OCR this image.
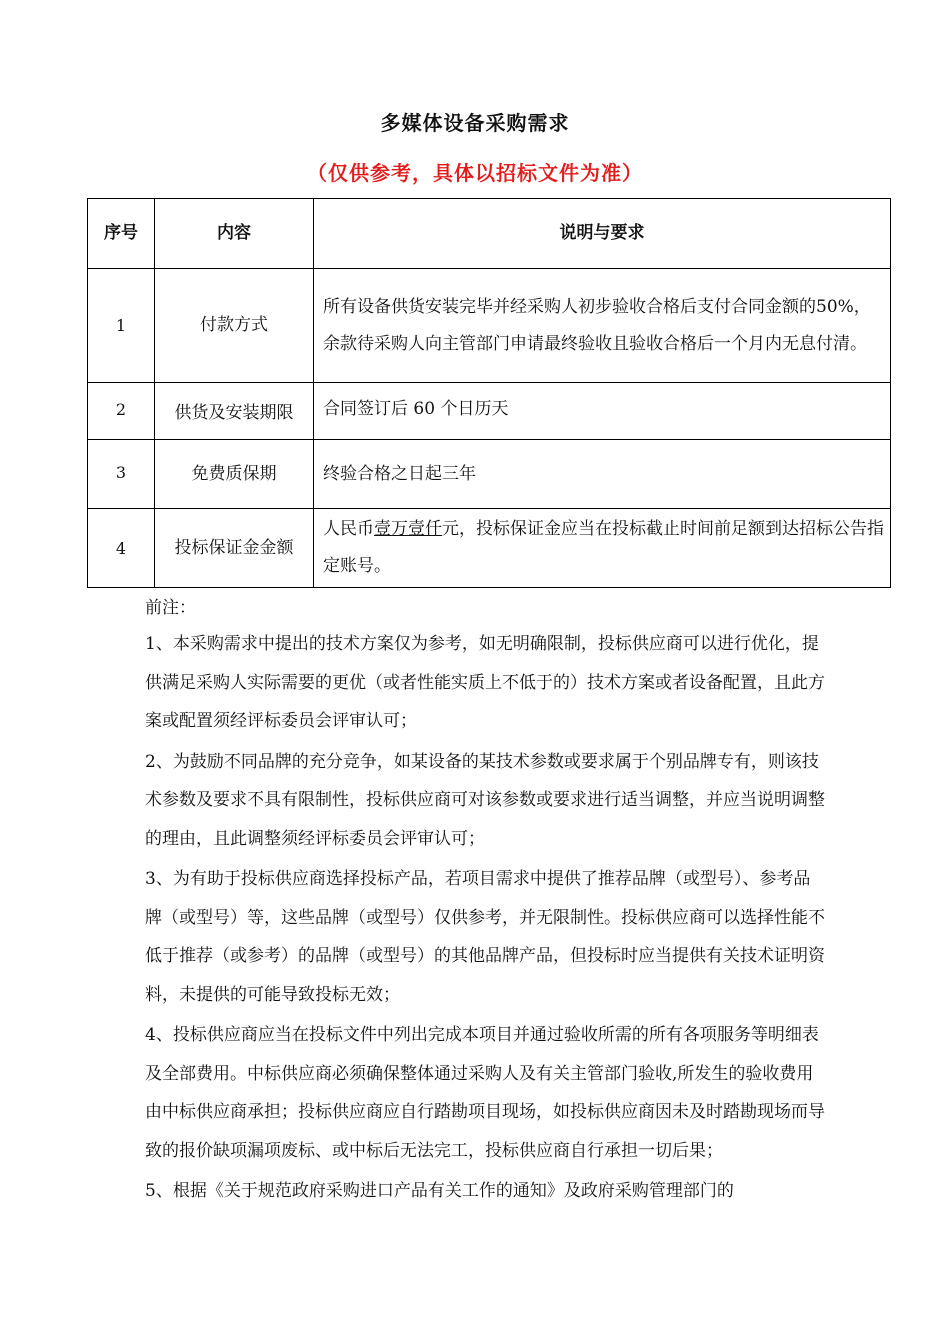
多媒体设备采购需求
（仅供参考，具体以招标文件为准）
序号	内容	说明与要求
1	付款方式	所有设备供货安装完毕并经采购人初步验收合格后支付合同金额的50%，余款待采购人向主管部门申请最终验收且验收合格后一个月内无息付清。
2	供货及安装期限	合同签订后 60 个日历天
3	免费质保期	终验合格之日起三年
4	投标保证金金额	人民币壹万壹仟元，投标保证金应当在投标截止时间前足额到达招标公告指定账号。

前注：

1、本采购需求中提出的技术方案仅为参考，如无明确限制，投标供应商可以进行优化，提供满足采购人实际需要的更优（或者性能实质上不低于的）技术方案或者设备配置，且此方案或配置须经评标委员会评审认可；

2、为鼓励不同品牌的充分竞争，如某设备的某技术参数或要求属于个别品牌专有，则该技术参数及要求不具有限制性，投标供应商可对该参数或要求进行适当调整，并应当说明调整的理由，且此调整须经评标委员会评审认可；

3、为有助于投标供应商选择投标产品，若项目需求中提供了推荐品牌（或型号）、参考品牌（或型号）等，这些品牌（或型号）仅供参考，并无限制性。投标供应商可以选择性能不低于推荐（或参考）的品牌（或型号）的其他品牌产品，但投标时应当提供有关技术证明资料，未提供的可能导致投标无效；

4、投标供应商应当在投标文件中列出完成本项目并通过验收所需的所有各项服务等明细表及全部费用。中标供应商必须确保整体通过采购人及有关主管部门验收,所发生的验收费用由中标供应商承担；投标供应商应自行踏勘项目现场，如投标供应商因未及时踏勘现场而导致的报价缺项漏项废标、或中标后无法完工，投标供应商自行承担一切后果；

5、根据《关于规范政府采购进口产品有关工作的通知》及政府采购管理部门的
